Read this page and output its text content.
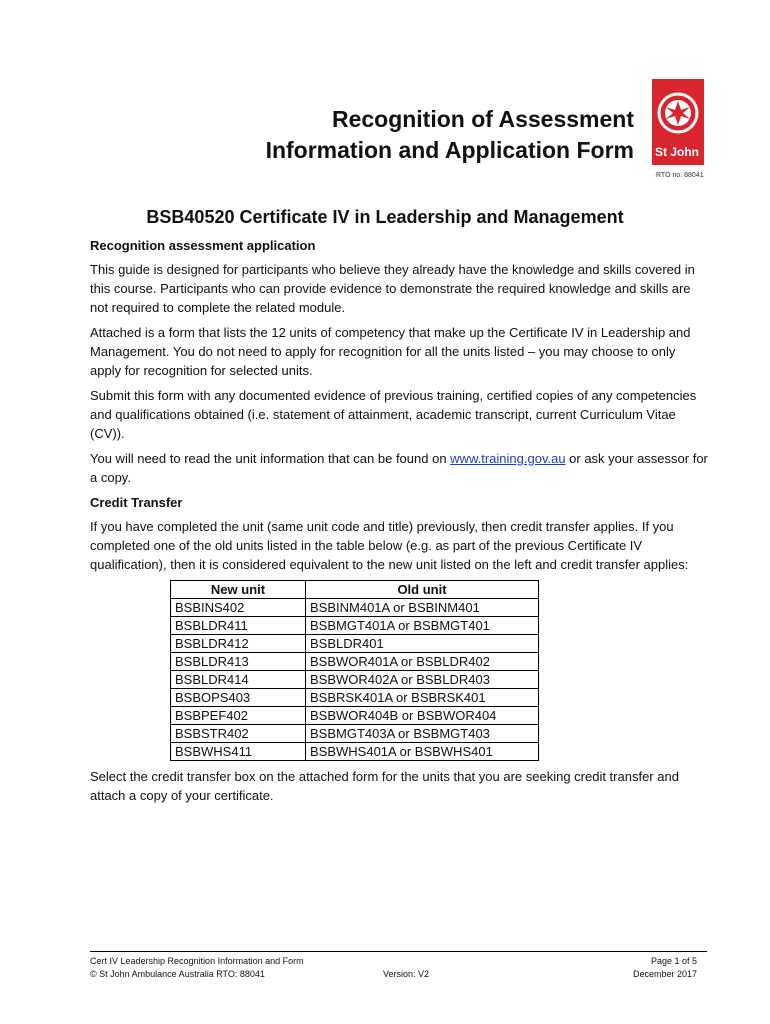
Recognition of Assessment
Information and Application Form St John
RTO no. 88041
BSB40520 Certificate IV in Leadership and Management
Recognition assessment application

This guide is designed for participants who believe they already have the knowledge and skills covered in this course. Participants who can provide evidence to demonstrate the required knowledge and skills are not required to complete the related module.

Attached is a form that lists the 12 units of competency that make up the Certificate IV in Leadership and Management. You do not need to apply for recognition for all the units listed – you may choose to only apply for recognition for selected units.

Submit this form with any documented evidence of previous training, certified copies of any competencies and qualifications obtained (i.e. statement of attainment, academic transcript, current Curriculum Vitae (CV)).

You will need to read the unit information that can be found on www.training.gov.au or ask your assessor for a copy.

Credit Transfer

If you have completed the unit (same unit code and title) previously, then credit transfer applies. If you completed one of the old units listed in the table below (e.g. as part of the previous Certificate IV qualification), then it is considered equivalent to the new unit listed on the left and credit transfer applies:

New unit	Old unit
BSBINS402	BSBINM401A or BSBINM401
BSBLDR411	BSBMGT401A or BSBMGT401
BSBLDR412	BSBLDR401
BSBLDR413	BSBWOR401A or BSBLDR402
BSBLDR414	BSBWOR402A or BSBLDR403
BSBOPS403	BSBRSK401A or BSBRSK401
BSBPEF402	BSBWOR404B or BSBWOR404
BSBSTR402	BSBMGT403A or BSBMGT403
BSBWHS411	BSBWHS401A or BSBWHS401

Select the credit transfer box on the attached form for the units that you are seeking credit transfer and attach a copy of your certificate.

Cert IV Leadership Recognition Information and Form	Page 1 of 5
© St John Ambulance Australia RTO: 88041	Version: V2	December 2017
